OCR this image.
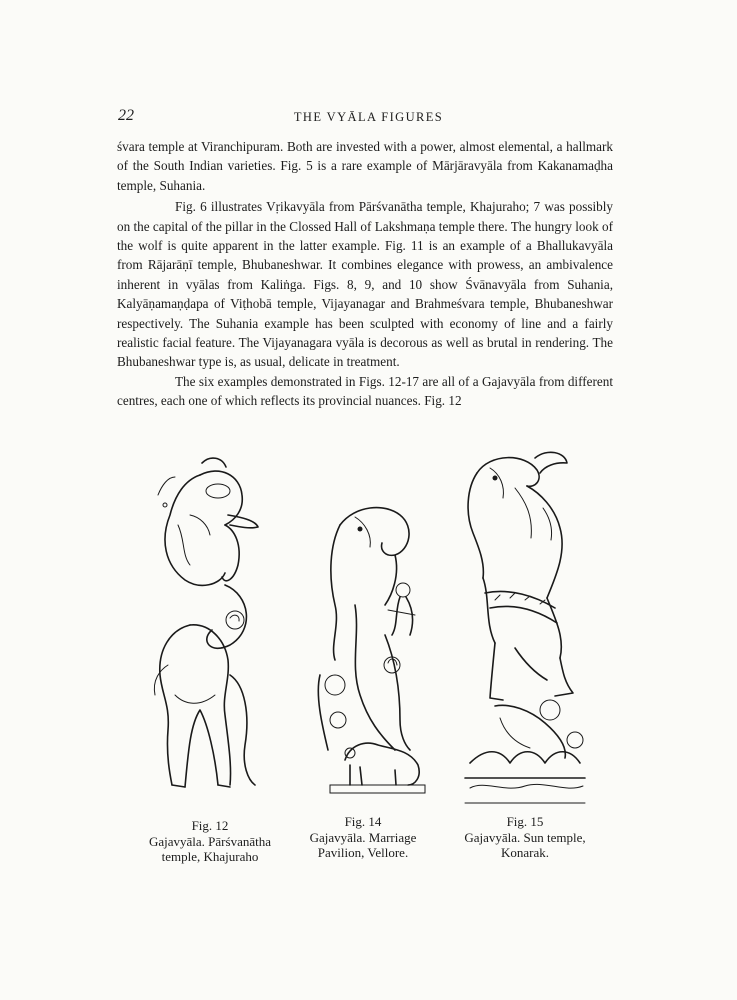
22	THE VYĀLA FIGURES

śvara temple at Viranchipuram. Both are invested with a power, almost elemental, a hallmark of the South Indian varieties. Fig. 5 is a rare example of Mārjāravyāla from Kakanamaḍha temple, Suhania.

Fig. 6 illustrates Vṛikavyāla from Pārśvanātha temple, Khajuraho; 7 was possibly on the capital of the pillar in the Clossed Hall of Lakshmaṇa temple there. The hungry look of the wolf is quite apparent in the latter example. Fig. 11 is an example of a Bhallukavyāla from Rājarāṇī temple, Bhubaneshwar. It combines elegance with prowess, an ambivalence inherent in vyālas from Kaliṅga. Figs. 8, 9, and 10 show Śvānavyāla from Suhania, Kalyāṇamaṇḍapa of Viṭhobā temple, Vijayanagar and Brahmeśvara temple, Bhubaneshwar respectively. The Suhania example has been sculpted with economy of line and a fairly realistic facial feature. The Vijayanagara vyāla is decorous as well as brutal in rendering. The Bhubaneshwar type is, as usual, delicate in treatment.

The six examples demonstrated in Figs. 12-17 are all of a Gajavyāla from different centres, each one of which reflects its provincial nuances. Fig. 12

Fig. 12
Gajavyāla. Pārśvanātha
temple, Khajuraho
Fig. 14
Gajavyāla. Marriage
Pavilion, Vellore.
Fig. 15
Gajavyāla. Sun temple,
Konarak.
